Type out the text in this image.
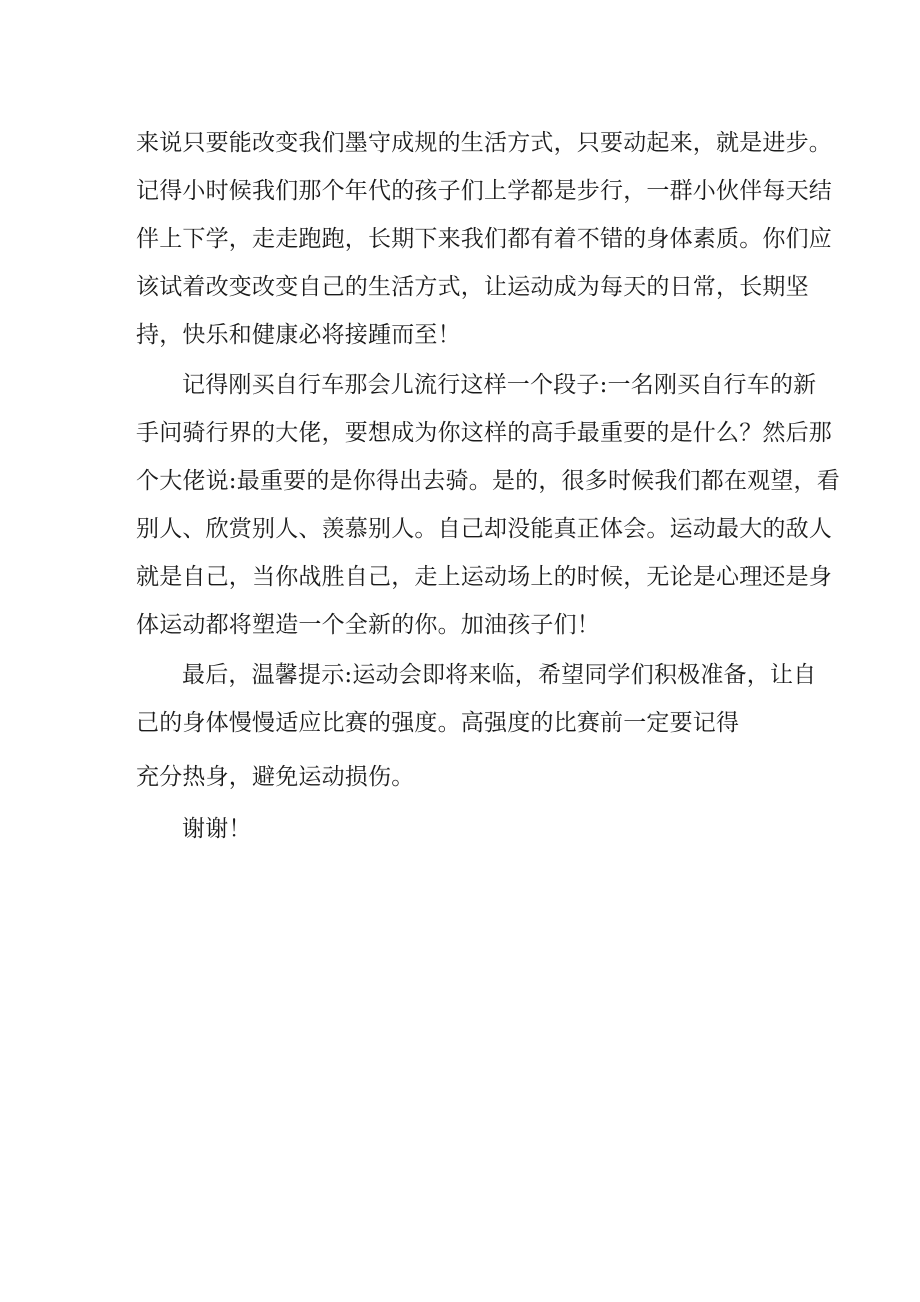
来说只要能改变我们墨守成规的生活方式，只要动起来，就是进步。
记得小时候我们那个年代的孩子们上学都是步行，一群小伙伴每天结
伴上下学，走走跑跑，长期下来我们都有着不错的身体素质。你们应
该试着改变改变自己的生活方式，让运动成为每天的日常，长期坚
持，快乐和健康必将接踵而至！
记得刚买自行车那会儿流行这样一个段子:一名刚买自行车的新
手问骑行界的大佬，要想成为你这样的高手最重要的是什么？然后那
个大佬说:最重要的是你得出去骑。是的，很多时候我们都在观望，看
别人、欣赏别人、羡慕别人。自己却没能真正体会。运动最大的敌人
就是自己，当你战胜自己，走上运动场上的时候，无论是心理还是身
体运动都将塑造一个全新的你。加油孩子们！
最后，温馨提示:运动会即将来临，希望同学们积极准备，让自
己的身体慢慢适应比赛的强度。高强度的比赛前一定要记得
充分热身，避免运动损伤。
谢谢！
